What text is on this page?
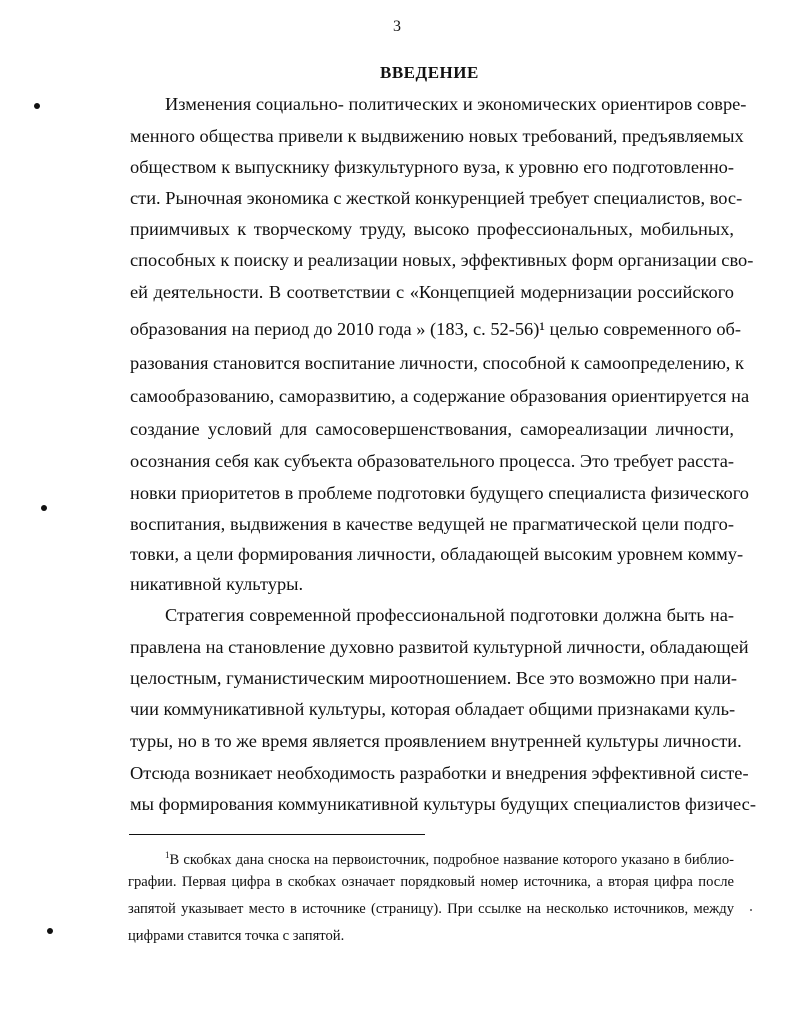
3
ВВЕДЕНИЕ
Изменения социально- политических и экономических ориентиров совре-
менного общества привели к выдвижению новых требований, предъявляемых
обществом к выпускнику физкультурного вуза, к уровню его подготовленно-
сти. Рыночная экономика с жесткой конкуренцией требует специалистов, вос-
приимчивых к творческому труду, высоко профессиональных, мобильных,
способных к поиску и реализации новых, эффективных форм организации сво-
ей деятельности. В соответствии с «Концепцией модернизации российского
образования на период до 2010 года » (183, с. 52-56)¹ целью современного об-
разования становится воспитание личности, способной к самоопределению, к
самообразованию, саморазвитию, а содержание образования ориентируется на
создание условий для самосовершенствования, самореализации личности,
осознания себя как субъекта образовательного процесса. Это требует расста-
новки приоритетов в проблеме подготовки будущего специалиста физического
воспитания, выдвижения в качестве ведущей не прагматической цели подго-
товки, а цели формирования личности, обладающей высоким уровнем комму-
никативной культуры.
Стратегия современной профессиональной подготовки должна быть на-
правлена на становление духовно развитой культурной личности, обладающей
целостным, гуманистическим мироотношением. Все это возможно при нали-
чии коммуникативной культуры, которая обладает общими признаками куль-
туры, но в то же время является проявлением внутренней культуры личности.
Отсюда возникает необходимость разработки и внедрения эффективной систе-
мы формирования коммуникативной культуры будущих специалистов физичес-
$^1$В скобках дана сноска на первоисточник, подробное название которого указано в библио-
графии. Первая цифра в скобках означает порядковый номер источника, а вторая цифра после
запятой указывает место в источнике (страницу). При ссылке на несколько источников, между
цифрами ставится точка с запятой.
